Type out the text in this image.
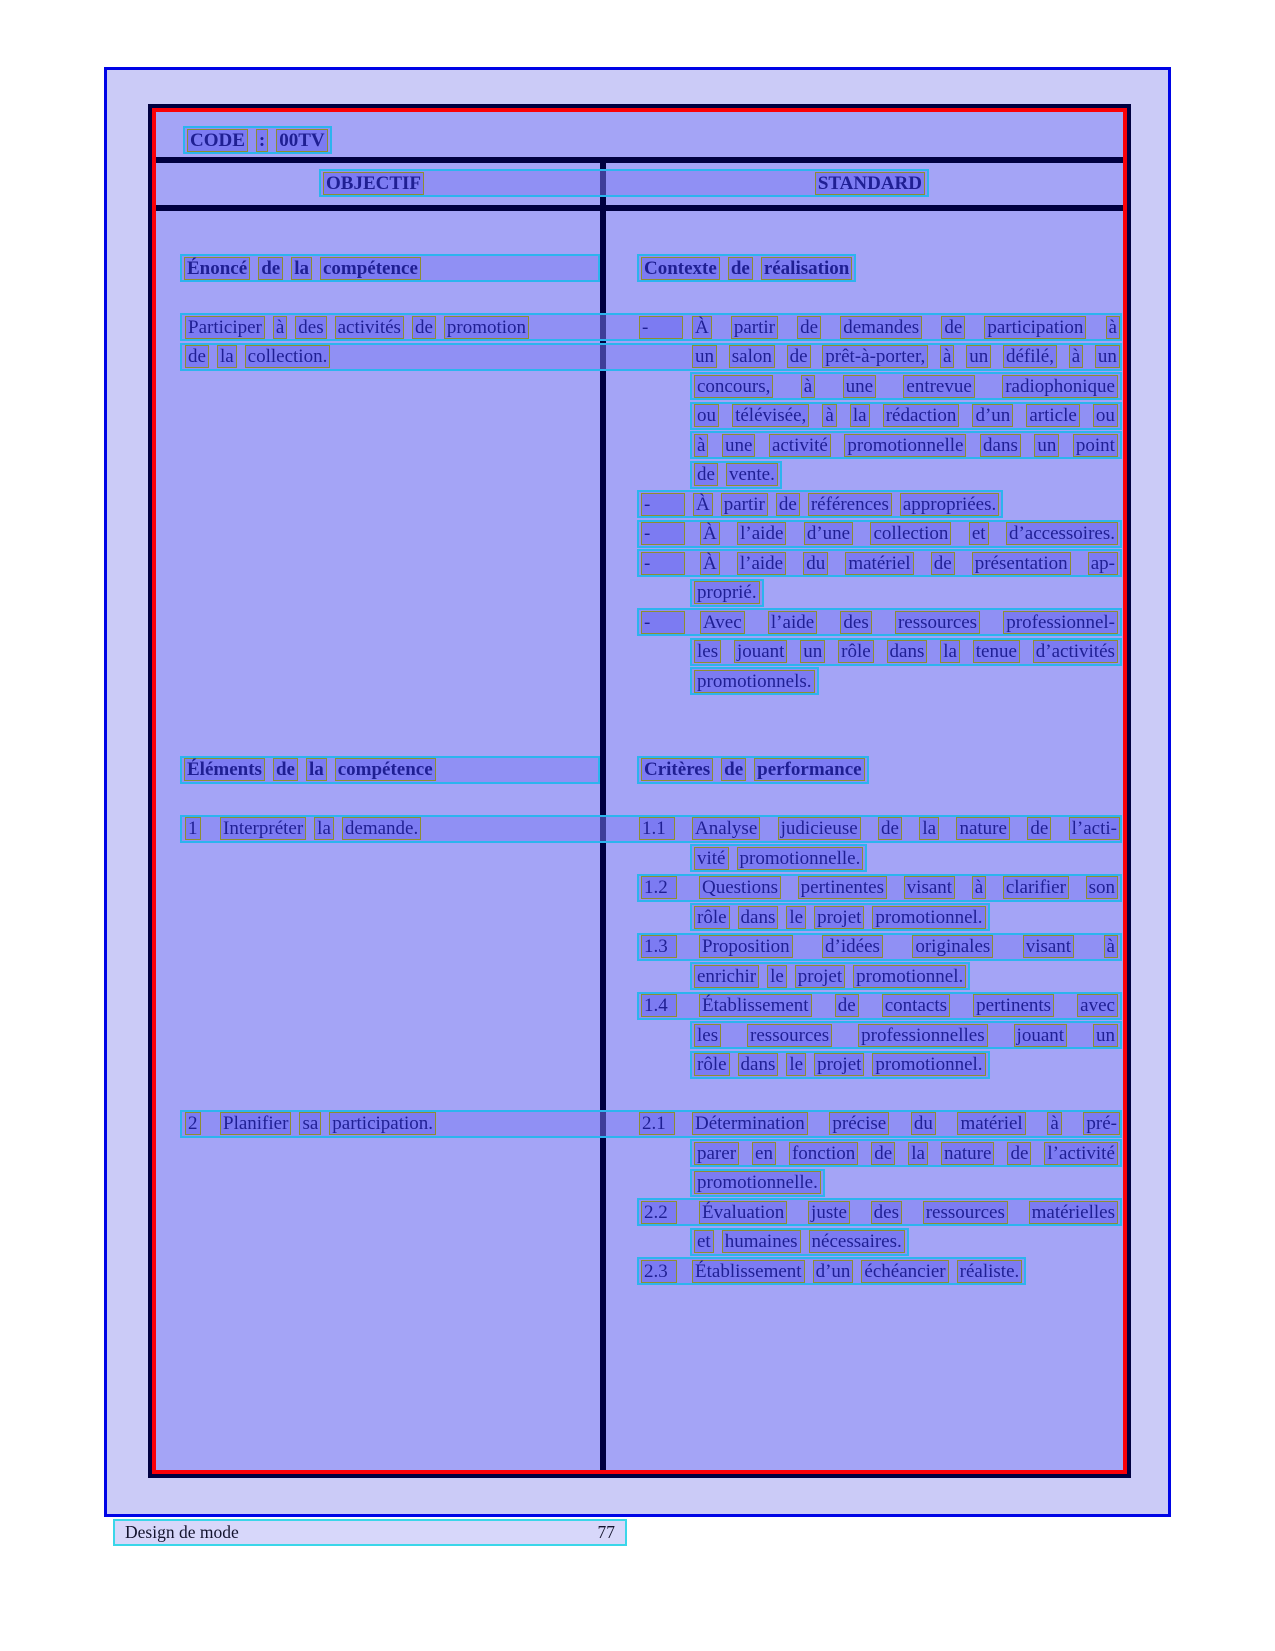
CODE : 00TV
OBJECTIF	STANDARD
Énoncé de la compétence	Contexte de réalisation
Participer à des activités de promotion	-	À partir de demandes de participation à
de la collection.	un salon de prêt-à-porter, à un défilé, à un
concours, à une entrevue radiophonique
ou télévisée, à la rédaction d’un article ou
à une activité promotionnelle dans un point
de vente.
-	À partir de références appropriées.
-	À l’aide d’une collection et d’accessoires.
-	À l’aide du matériel de présentation ap-
proprié.
-	Avec l’aide des ressources professionnel-
les jouant un rôle dans la tenue d’activités
promotionnels.
Éléments de la compétence	Critères de performance
1 Interpréter la demande.	1.1	Analyse judicieuse de la nature de l’acti-
vité promotionnelle.
1.2	Questions pertinentes visant à clarifier son
rôle dans le projet promotionnel.
1.3	Proposition d’idées originales visant à
enrichir le projet promotionnel.
1.4	Établissement de contacts pertinents avec
les ressources professionnelles jouant un
rôle dans le projet promotionnel.
2 Planifier sa participation.	2.1	Détermination précise du matériel à pré-
parer en fonction de la nature de l’activité
promotionnelle.
2.2	Évaluation juste des ressources matérielles
et humaines nécessaires.
2.3	Établissement d’un échéancier réaliste.
Design de mode	77
